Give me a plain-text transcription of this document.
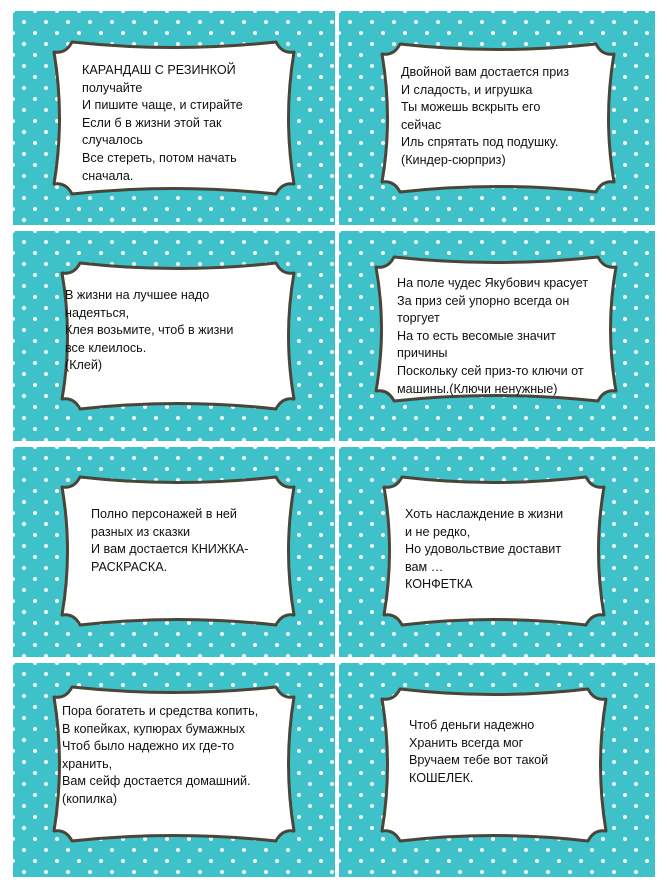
КАРАНДАШ С РЕЗИНКОЙ
получайте
И пишите чаще, и стирайте
Если б в жизни этой так
случалось
Все стереть, потом начать
сначала.
Двойной вам достается приз
И сладость, и игрушка
Ты можешь вскрыть его
сейчас
Иль спрятать под подушку.
(Киндер-сюрприз)
В жизни на лучшее надо
надеяться,
Клея возьмите, чтоб в жизни
все клеилось.
(Клей)
На поле чудес Якубович красует
За приз сей упорно всегда он
торгует
На то есть весомые значит
причины
Поскольку сей приз-то ключи от
машины.(Ключи ненужные)
Полно персонажей в ней
разных из сказки
И вам достается КНИЖКА-
РАСКРАСКА.
Хоть наслаждение в жизни
и не редко,
Но удовольствие доставит
вам …
КОНФЕТКА
Пора богатеть и средства копить,
В копейках, купюрах бумажных
Чтоб было надежно их где-то
хранить,
Вам сейф достается домашний.
(копилка)
Чтоб деньги надежно
Хранить всегда мог
Вручаем тебе вот такой
КОШЕЛЕК.
